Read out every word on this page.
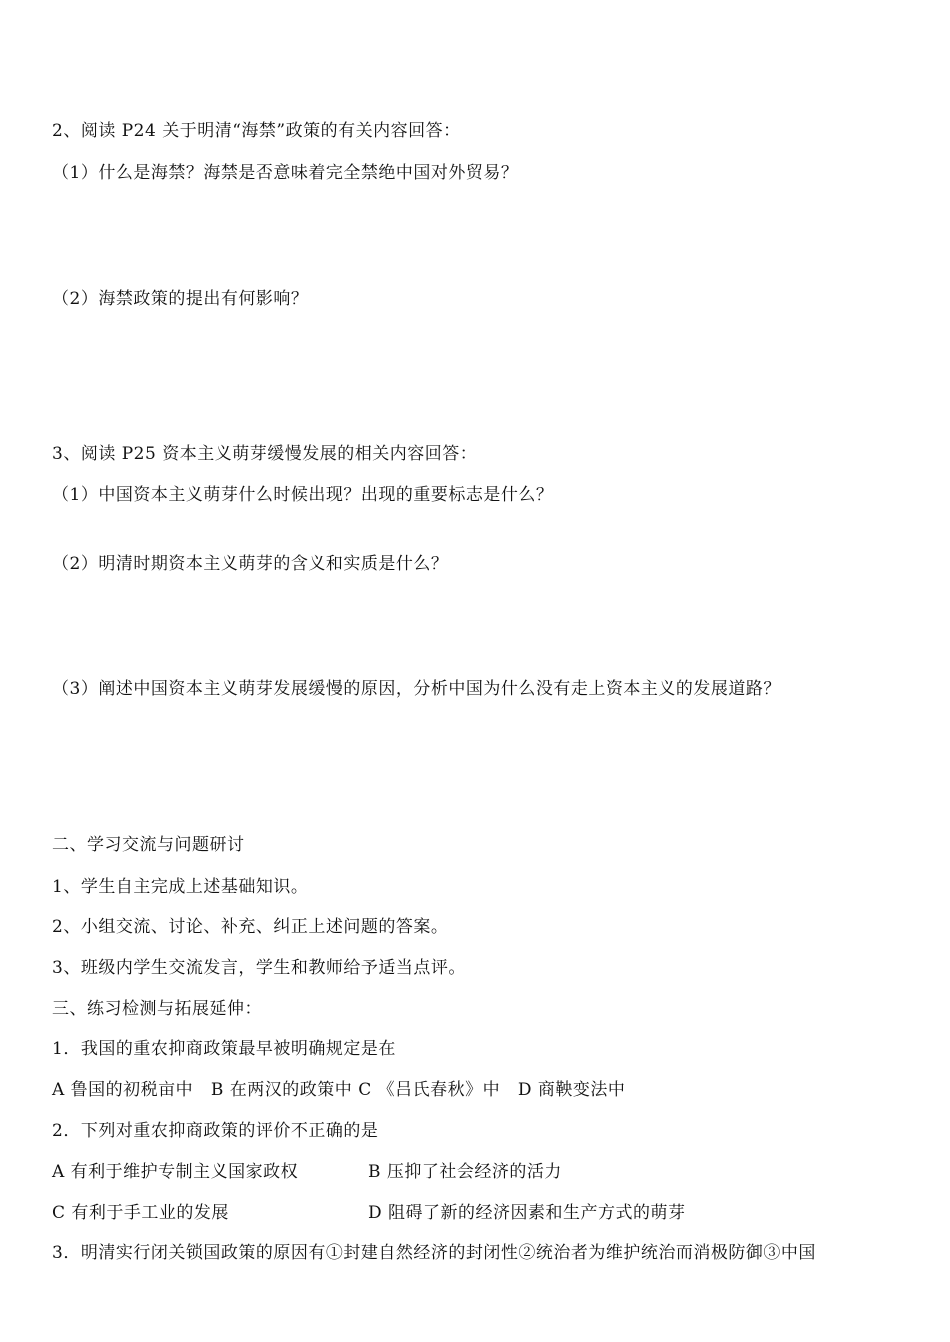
2、阅读 P24 关于明清“海禁”政策的有关内容回答：
（1）什么是海禁？海禁是否意味着完全禁绝中国对外贸易？
（2）海禁政策的提出有何影响？
3、阅读 P25 资本主义萌芽缓慢发展的相关内容回答：
（1）中国资本主义萌芽什么时候出现？出现的重要标志是什么？
（2）明清时期资本主义萌芽的含义和实质是什么？
（3）阐述中国资本主义萌芽发展缓慢的原因，分析中国为什么没有走上资本主义的发展道路？
二、学习交流与问题研讨
1、学生自主完成上述基础知识。
2、小组交流、讨论、补充、纠正上述问题的答案。
3、班级内学生交流发言，学生和教师给予适当点评。
三、练习检测与拓展延伸：
1．我国的重农抑商政策最早被明确规定是在
A 鲁国的初税亩中   B 在两汉的政策中 C 《吕氏春秋》中   D 商鞅变法中
2．下列对重农抑商政策的评价不正确的是
A 有利于维护专制主义国家政权	B 压抑了社会经济的活力
C 有利于手工业的发展	D 阻碍了新的经济因素和生产方式的萌芽
3．明清实行闭关锁国政策的原因有①封建自然经济的封闭性②统治者为维护统治而消极防御③中国
